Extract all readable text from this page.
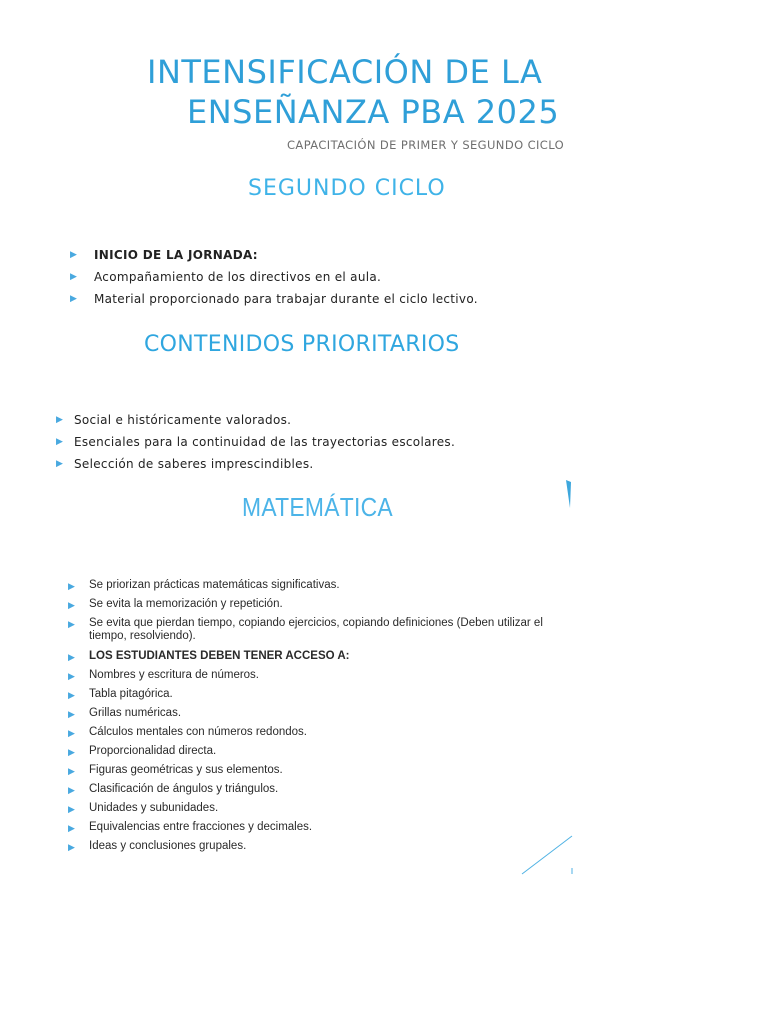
INTENSIFICACIÓN DE LA
ENSEÑANZA PBA 2025
CAPACITACIÓN DE PRIMER Y SEGUNDO CICLO
SEGUNDO CICLO
▶ INICIO DE LA JORNADA:
▶ Acompañamiento de los directivos en el aula.
▶ Material proporcionado para trabajar durante el ciclo lectivo.
CONTENIDOS PRIORITARIOS
▶ Social e históricamente valorados.
▶ Esenciales para la continuidad de las trayectorias escolares.
▶ Selección de saberes imprescindibles.
MATEMÁTICA
▶ Se priorizan prácticas matemáticas significativas.
▶ Se evita la memorización y repetición.
▶ Se evita que pierdan tiempo, copiando ejercicios, copiando definiciones (Deben utilizar el tiempo, resolviendo).
▶ LOS ESTUDIANTES DEBEN TENER ACCESO A:
▶ Nombres y escritura de números.
▶ Tabla pitagórica.
▶ Grillas numéricas.
▶ Cálculos mentales con números redondos.
▶ Proporcionalidad directa.
▶ Figuras geométricas y sus elementos.
▶ Clasificación de ángulos y triángulos.
▶ Unidades y subunidades.
▶ Equivalencias entre fracciones y decimales.
▶ Ideas y conclusiones grupales.
